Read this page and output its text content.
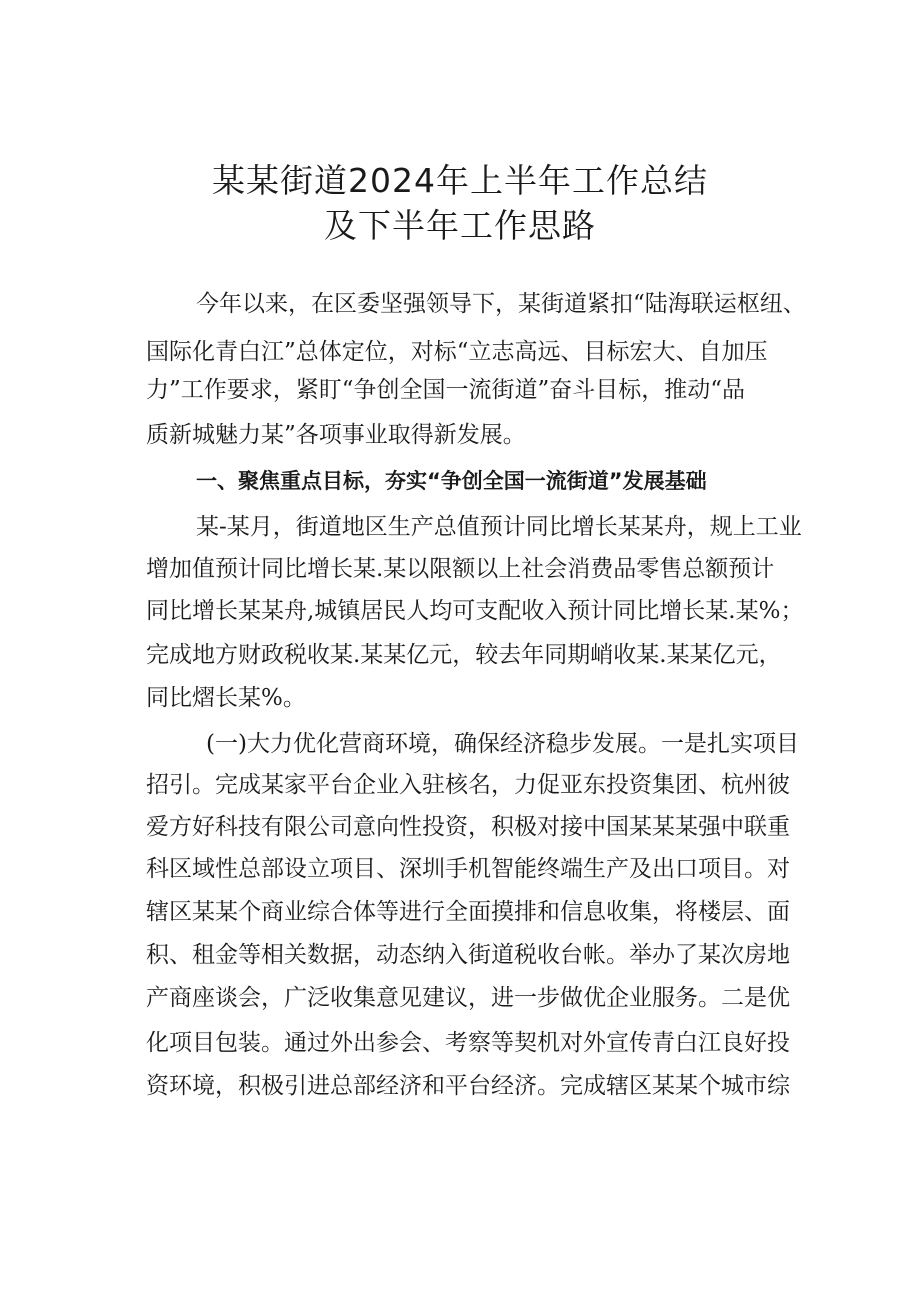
某某街道2024年上半年工作总结
及下半年工作思路

今年以来，在区委坚强领导下，某街道紧扣“陆海联运枢纽、

国际化青白江”总体定位，对标“立志高远、目标宏大、自加压

力”工作要求，紧盯“争创全国一流街道”奋斗目标，推动“品

质新城魅力某”各项事业取得新发展。

一、聚焦重点目标，夯实“争创全国一流街道”发展基础

某-某月，街道地区生产总值预计同比增长某某舟，规上工业

增加值预计同比增长某.某以限额以上社会消费品零售总额预计

同比增长某某舟,城镇居民人均可支配收入预计同比增长某.某%；

完成地方财政税收某.某某亿元，较去年同期峭收某.某某亿元，

同比熠长某%。

(一)大力优化营商环境，确保经济稳步发展。一是扎实项目

招引。完成某家平台企业入驻核名，力促亚东投资集团、杭州彼

爱方好科技有限公司意向性投资，积极对接中国某某某强中联重

科区域性总部设立项目、深圳手机智能终端生产及出口项目。对

辖区某某个商业综合体等进行全面摸排和信息收集，将楼层、面

积、租金等相关数据，动态纳入街道税收台帐。举办了某次房地

产商座谈会，广泛收集意见建议，进一步做优企业服务。二是优

化项目包装。通过外出参会、考察等契机对外宣传青白江良好投

资环境，积极引进总部经济和平台经济。完成辖区某某个城市综
